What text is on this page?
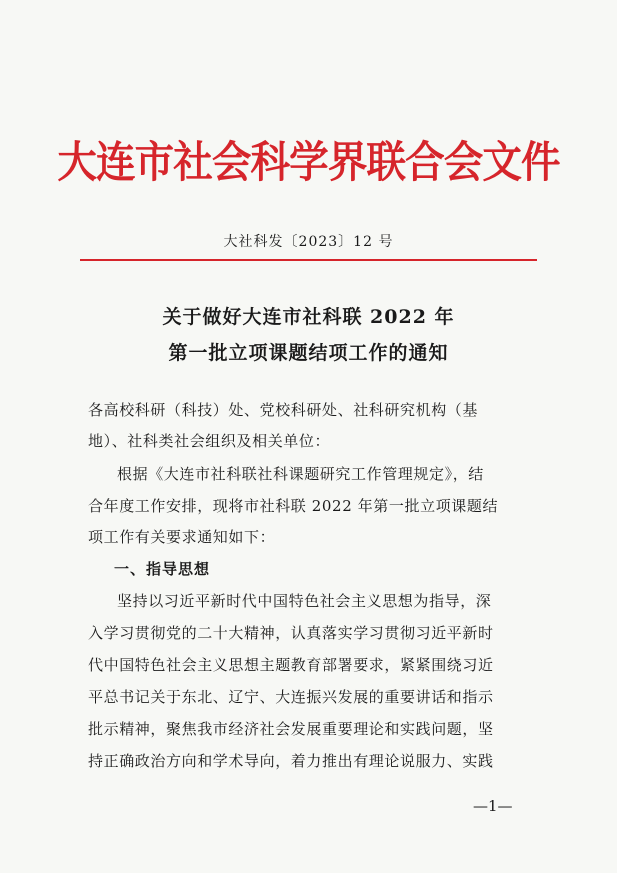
大连市社会科学界联合会文件
大社科发〔2023〕12 号
关于做好大连市社科联 2022 年
第一批立项课题结项工作的通知
各高校科研（科技）处、党校科研处、社科研究机构（基
地）、社科类社会组织及相关单位：
根据《大连市社科联社科课题研究工作管理规定》，结
合年度工作安排，现将市社科联 2022 年第一批立项课题结
项工作有关要求通知如下：
一、指导思想
坚持以习近平新时代中国特色社会主义思想为指导，深
入学习贯彻党的二十大精神，认真落实学习贯彻习近平新时
代中国特色社会主义思想主题教育部署要求，紧紧围绕习近
平总书记关于东北、辽宁、大连振兴发展的重要讲话和指示
批示精神，聚焦我市经济社会发展重要理论和实践问题，坚
持正确政治方向和学术导向，着力推出有理论说服力、实践
—1—
